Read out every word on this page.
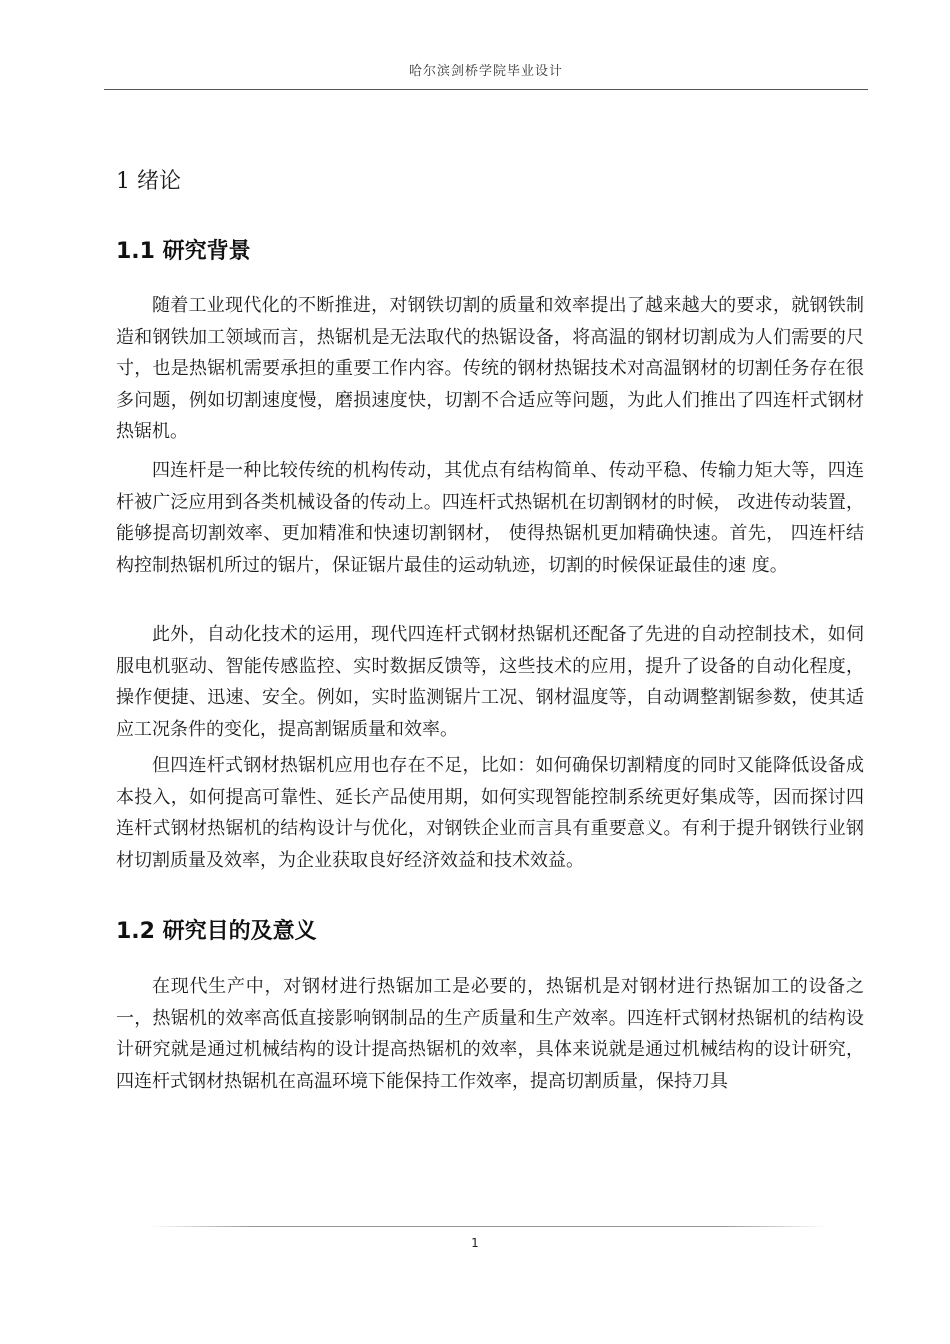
哈尔滨剑桥学院毕业设计
1 绪论
1.1 研究背景

随着工业现代化的不断推进，对钢铁切割的质量和效率提出了越来越大的要求，就钢铁制造和钢铁加工领域而言，热锯机是无法取代的热锯设备，将高温的钢材切割成为人们需要的尺寸，也是热锯机需要承担的重要工作内容。传统的钢材热锯技术对高温钢材的切割任务存在很多问题，例如切割速度慢，磨损速度快，切割不合适应等问题，为此人们推出了四连杆式钢材热锯机。

四连杆是一种比较传统的机构传动，其优点有结构简单、传动平稳、传输力矩大等，四连杆被广泛应用到各类机械设备的传动上。四连杆式热锯机在切割钢材的时候， 改进传动装置，能够提高切割效率、更加精准和快速切割钢材， 使得热锯机更加精确快速。首先， 四连杆结构控制热锯机所过的锯片，保证锯片最佳的运动轨迹，切割的时候保证最佳的速 度。

此外，自动化技术的运用，现代四连杆式钢材热锯机还配备了先进的自动控制技术，如伺服电机驱动、智能传感监控、实时数据反馈等，这些技术的应用，提升了设备的自动化程度，操作便捷、迅速、安全。例如，实时监测锯片工况、钢材温度等，自动调整割锯参数，使其适应工况条件的变化，提高割锯质量和效率。

但四连杆式钢材热锯机应用也存在不足，比如：如何确保切割精度的同时又能降低设备成本投入，如何提高可靠性、延长产品使用期，如何实现智能控制系统更好集成等，因而探讨四连杆式钢材热锯机的结构设计与优化，对钢铁企业而言具有重要意义。有利于提升钢铁行业钢材切割质量及效率，为企业获取良好经济效益和技术效益。

1.2 研究目的及意义

在现代生产中，对钢材进行热锯加工是必要的，热锯机是对钢材进行热锯加工的设备之一，热锯机的效率高低直接影响钢制品的生产质量和生产效率。四连杆式钢材热锯机的结构设计研究就是通过机械结构的设计提高热锯机的效率，具体来说就是通过机械结构的设计研究，四连杆式钢材热锯机在高温环境下能保持工作效率，提高切割质量，保持刀具

1
